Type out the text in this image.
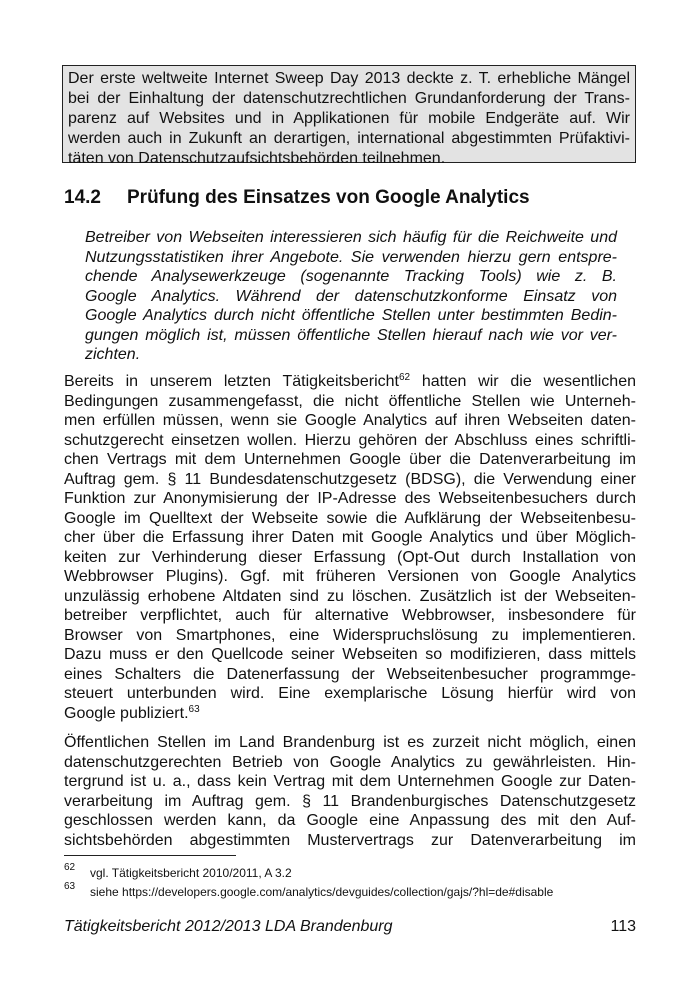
Der erste weltweite Internet Sweep Day 2013 deckte z. T. erhebliche Mängel
bei der Einhaltung der datenschutzrechtlichen Grundanforderung der Trans-
parenz auf Websites und in Applikationen für mobile Endgeräte auf. Wir
werden auch in Zukunft an derartigen, international abgestimmten Prüfaktivi-
täten von Datenschutzaufsichtsbehörden teilnehmen.
14.2 Prüfung des Einsatzes von Google Analytics
Betreiber von Webseiten interessieren sich häufig für die Reichweite und
Nutzungsstatistiken ihrer Angebote. Sie verwenden hierzu gern entspre-
chende Analysewerkzeuge (sogenannte Tracking Tools) wie z. B.
Google Analytics. Während der datenschutzkonforme Einsatz von
Google Analytics durch nicht öffentliche Stellen unter bestimmten Bedin-
gungen möglich ist, müssen öffentliche Stellen hierauf nach wie vor ver-
zichten.
Bereits in unserem letzten Tätigkeitsbericht$^{62}$ hatten wir die wesentlichen
Bedingungen zusammengefasst, die nicht öffentliche Stellen wie Unterneh-
men erfüllen müssen, wenn sie Google Analytics auf ihren Webseiten daten-
schutzgerecht einsetzen wollen. Hierzu gehören der Abschluss eines schriftli-
chen Vertrags mit dem Unternehmen Google über die Datenverarbeitung im
Auftrag gem. § 11 Bundesdatenschutzgesetz (BDSG), die Verwendung einer
Funktion zur Anonymisierung der IP-Adresse des Webseitenbesuchers durch
Google im Quelltext der Webseite sowie die Aufklärung der Webseitenbesu-
cher über die Erfassung ihrer Daten mit Google Analytics und über Möglich-
keiten zur Verhinderung dieser Erfassung (Opt-Out durch Installation von
Webbrowser Plugins). Ggf. mit früheren Versionen von Google Analytics
unzulässig erhobene Altdaten sind zu löschen. Zusätzlich ist der Webseiten-
betreiber verpflichtet, auch für alternative Webbrowser, insbesondere für
Browser von Smartphones, eine Widerspruchslösung zu implementieren.
Dazu muss er den Quellcode seiner Webseiten so modifizieren, dass mittels
eines Schalters die Datenerfassung der Webseitenbesucher programmge-
steuert unterbunden wird. Eine exemplarische Lösung hierfür wird von
Google publiziert.$^{63}$
Öffentlichen Stellen im Land Brandenburg ist es zurzeit nicht möglich, einen
datenschutzgerechten Betrieb von Google Analytics zu gewährleisten. Hin-
tergrund ist u. a., dass kein Vertrag mit dem Unternehmen Google zur Daten-
verarbeitung im Auftrag gem. § 11 Brandenburgisches Datenschutzgesetz
geschlossen werden kann, da Google eine Anpassung des mit den Auf-
sichtsbehörden abgestimmten Mustervertrags zur Datenverarbeitung im
62 vgl. Tätigkeitsbericht 2010/2011, A 3.2
63 siehe https://developers.google.com/analytics/devguides/collection/gajs/?hl=de#disable
Tätigkeitsbericht 2012/2013 LDA Brandenburg	113
